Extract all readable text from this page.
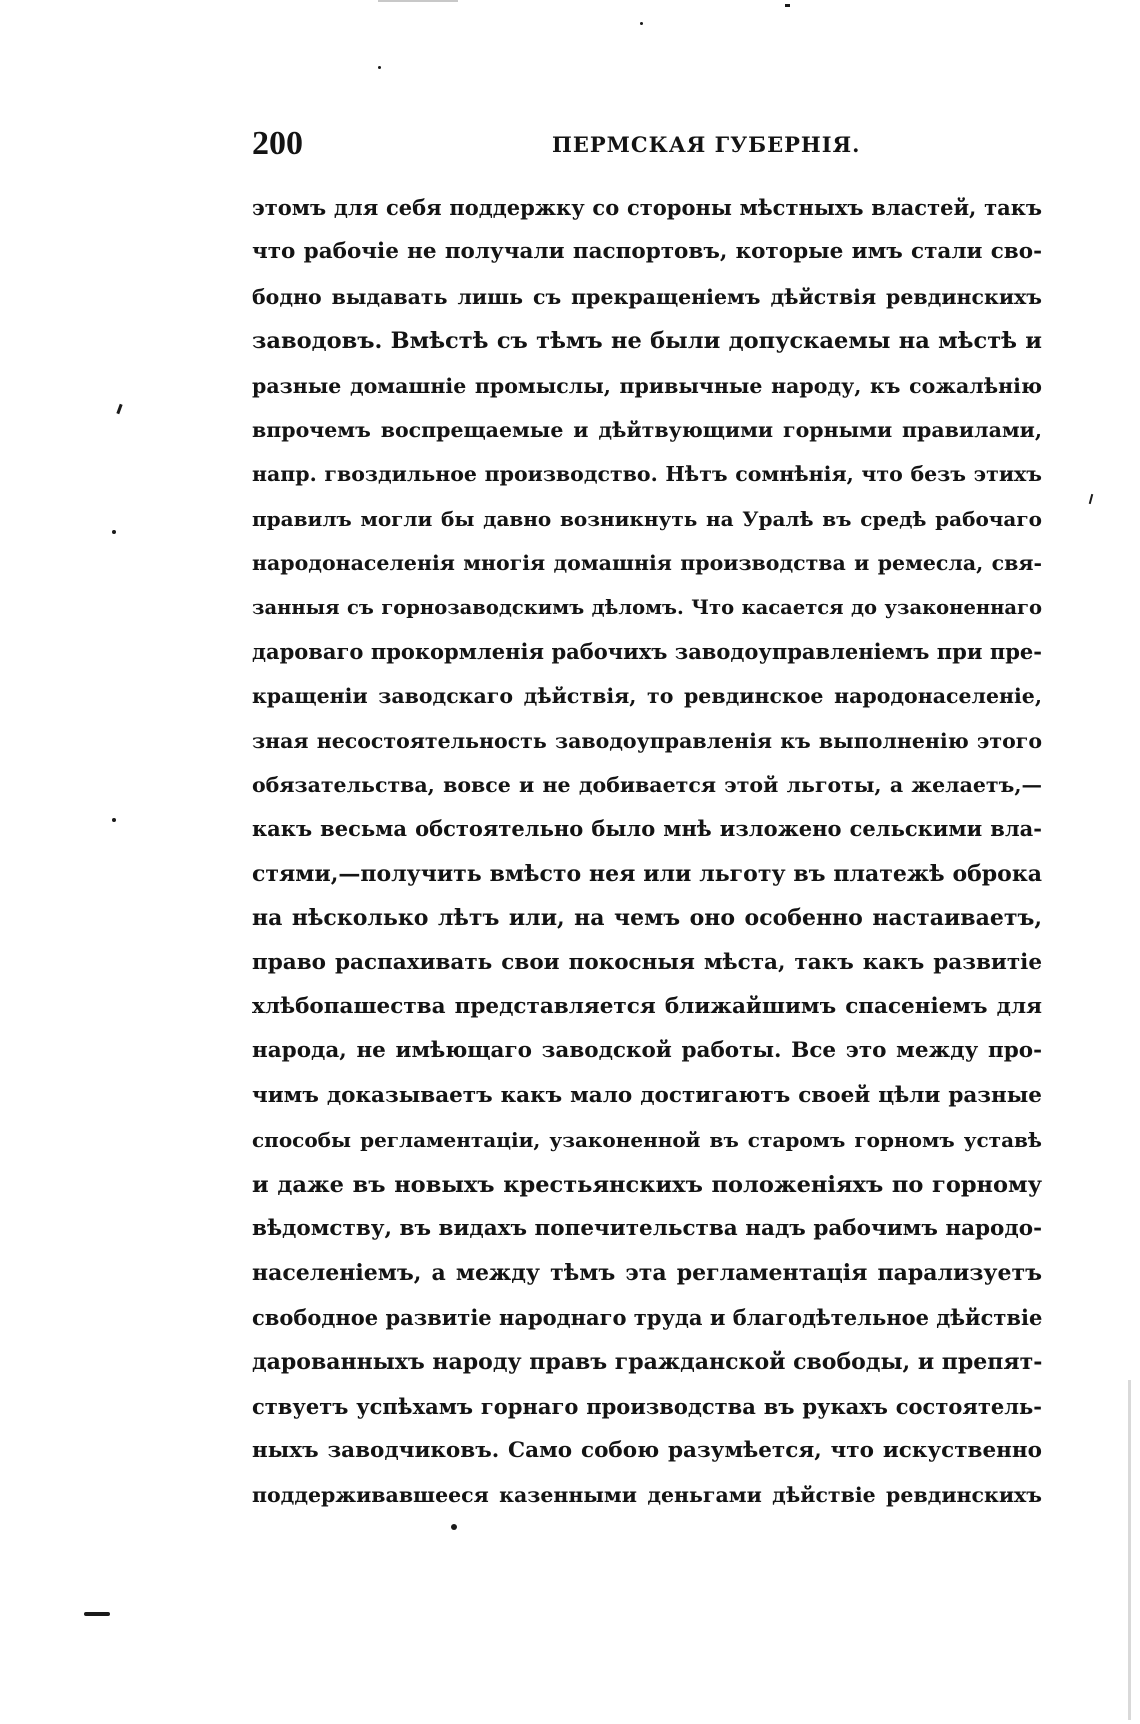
200	ПЕРМСКАЯ ГУБЕРНІЯ.
этомъ для себя поддержку со стороны мѣстныхъ властей, такъ
что рабочіе не получали паспортовъ, которые имъ стали сво-
бодно выдавать лишь съ прекращеніемъ дѣйствія ревдинскихъ
заводовъ. Вмѣстѣ съ тѣмъ не были допускаемы на мѣстѣ и
разные домашніе промыслы, привычные народу, къ сожалѣнію
впрочемъ воспрещаемые и дѣйтвующими горными правилами,
напр. гвоздильное производство. Нѣтъ сомнѣнія, что безъ этихъ
правилъ могли бы давно возникнуть на Уралѣ въ средѣ рабочаго
народонаселенія многія домашнія производства и ремесла, свя-
занныя съ горнозаводскимъ дѣломъ. Что касается до узаконеннаго
дароваго прокормленія рабочихъ заводоуправленіемъ при пре-
кращеніи заводскаго дѣйствія, то ревдинское народонаселеніе,
зная несостоятельность заводоуправленія къ выполненію этого
обязательства, вовсе и не добивается этой льготы, а желаетъ,—
какъ весьма обстоятельно было мнѣ изложено сельскими вла-
стями,—получить вмѣсто нея или льготу въ платежѣ оброка
на нѣсколько лѣтъ или, на чемъ оно особенно настаиваетъ,
право распахивать свои покосныя мѣста, такъ какъ развитіе
хлѣбопашества представляется ближайшимъ спасеніемъ для
народа, не имѣющаго заводской работы. Все это между про-
чимъ доказываетъ какъ мало достигаютъ своей цѣли разные
способы регламентаціи, узаконенной въ старомъ горномъ уставѣ
и даже въ новыхъ крестьянскихъ положеніяхъ по горному
вѣдомству, въ видахъ попечительства надъ рабочимъ народо-
населеніемъ, а между тѣмъ эта регламентація парализуетъ
свободное развитіе народнаго труда и благодѣтельное дѣйствіе
дарованныхъ народу правъ гражданской свободы, и препят-
ствуетъ успѣхамъ горнаго производства въ рукахъ состоятель-
ныхъ заводчиковъ. Само собою разумѣется, что искуственно
поддерживавшееся казенными деньгами дѣйствіе ревдинскихъ
